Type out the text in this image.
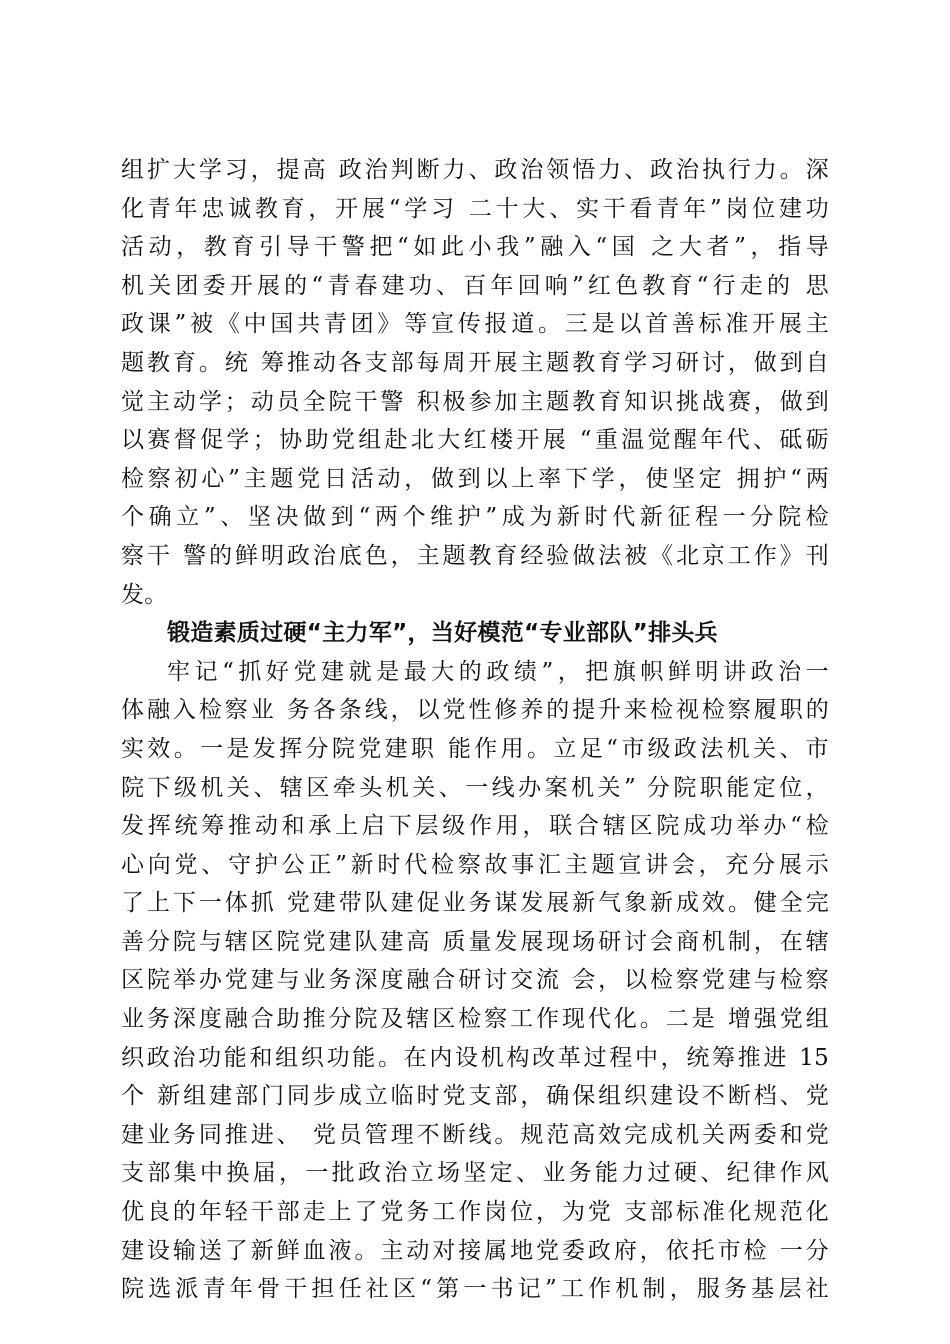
组扩大学习，提高 政治判断力、政治领悟力、政治执行力。深
化青年忠诚教育，开展“学习 二十大、实干看青年”岗位建功
活动，教育引导干警把“如此小我”融入“国 之大者”，指导
机关团委开展的“青春建功、百年回响”红色教育“行走的 思
政课”被《中国共青团》等宣传报道。三是以首善标准开展主
题教育。统 筹推动各支部每周开展主题教育学习研讨，做到自
觉主动学；动员全院干警 积极参加主题教育知识挑战赛，做到
以赛督促学；协助党组赴北大红楼开展 “重温觉醒年代、砥砺
检察初心”主题党日活动，做到以上率下学，使坚定 拥护“两
个确立”、坚决做到“两个维护”成为新时代新征程一分院检
察干 警的鲜明政治底色，主题教育经验做法被《北京工作》刊
发。
锻造素质过硬“主力军”，当好模范“专业部队”排头兵
牢记“抓好党建就是最大的政绩”，把旗帜鲜明讲政治一
体融入检察业 务各条线，以党性修养的提升来检视检察履职的
实效。一是发挥分院党建职 能作用。立足“市级政法机关、市
院下级机关、辖区牵头机关、一线办案机关” 分院职能定位，
发挥统筹推动和承上启下层级作用，联合辖区院成功举办“检
心向党、守护公正”新时代检察故事汇主题宣讲会，充分展示
了上下一体抓 党建带队建促业务谋发展新气象新成效。健全完
善分院与辖区院党建队建高 质量发展现场研讨会商机制，在辖
区院举办党建与业务深度融合研讨交流 会，以检察党建与检察
业务深度融合助推分院及辖区检察工作现代化。二是 增强党组
织政治功能和组织功能。在内设机构改革过程中，统筹推进 15
个 新组建部门同步成立临时党支部，确保组织建设不断档、党
建业务同推进、 党员管理不断线。规范高效完成机关两委和党
支部集中换届，一批政治立场坚定、业务能力过硬、纪律作风
优良的年轻干部走上了党务工作岗位，为党 支部标准化规范化
建设输送了新鲜血液。主动对接属地党委政府，依托市检 一分
院选派青年骨干担任社区“第一书记”工作机制，服务基层社
